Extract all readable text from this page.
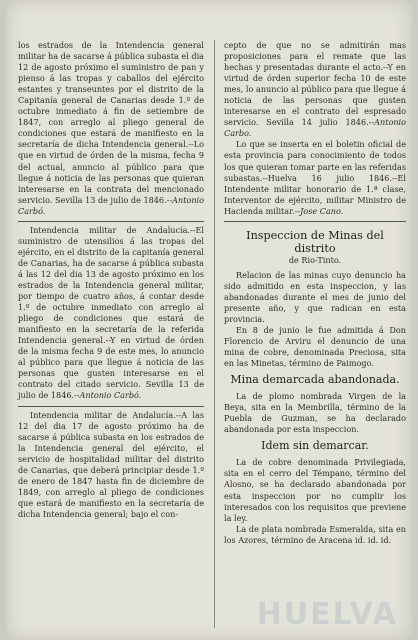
los estrados de la Intendencia general militar ha de sacarse á pública subasta el dia 12 de agosto próximo el suministro de pan y pienso á las tropas y caballos del ejército estantes y transeuntes por el distrito de la Capitanía general de Canarias desde 1.º de octubre inmediato á fin de setiembre de 1847, con arreglo al pliego general de condiciones que estará de manifiesto en la secretaría de dicha Intendencia general.--Lo que en virtud de órden de la misma, fecha 9 del actual, anuncio al público para que llegue á noticia de las personas que quieran interesarse en la contrata del mencionado servicio. Sevilla 13 de julio de 1846.--Antonio Carbó.

Intendencia militar de Andalucía.--El suministro de utensilios á las tropas del ejército, en el distrito de la capitanía general de Canarias, ha de sacarse á pública subasta á las 12 del dia 13 de agosto próximo en los estrados de la Intendencia general militar, por tiempo de cuatro años, á contar desde 1.º de octubre inmediato con arreglo al pliego de condiciones que estará de manifiesto en la secretaría de la referida Intendencia general.--Y en virtud de órden de la misma fecha 9 de este mes, lo anuncio al público para que llegue á noticia de las personas que gusten interesarse en el contrato del citado servicio. Sevilla 13 de julio de 1846.--Antonio Carbó.

Intendencia militar de Andalucía.--A las 12 del dia 17 de agosto próximo ha de sacarse á pública subasta en los estrados de la Intendencia general del ejército, el servicio de hospitalidad militar del distrito de Canarias, que deberá principiar desde 1.º de enero de 1847 hasta fin de diciembre de 1849, con arreglo al pliego de condiciones que estará de manifiesto en la secretaría de dicha Intendencia general; bajo el con-

cepto de que no se admitirán mas proposiciones para el remate que las hechas y presentadas durante el acto.--Y en virtud de órden superior fecha 10 de este mes, lo anuncio al público para que llegue á noticia de las personas que gusten interesarse en el contrato del espresado servicio. Sevilla 14 julio 1846.--Antonio Carbo.

Lo que se inserta en el boletin oficial de esta provincia para conocimiento de todos los que quieran tomar parte en las referidas subastas.--Huelva 16 julio 1846.--El Intendente militar honorario de 1.ª clase, Interventor de ejército, militar Ministro de Hacienda militar.--Jose Cano.

Inspeccion de Minas del distrito
de Rio-Tinto.

Relacion de las minas cuyo denuncio ha sido admitido en esta inspeccion, y las abandonadas durante el mes de junio del presente año, y que radican en esta provincia.

En 8 de junio le fue admitida á Don Florencio de Arviru el denuncio de una mina de cobre, denominada Preciosa, sita en las Minetas, término de Paimogo.

Mina demarcada abandonada.

La de plomo nombrada Virgen de la Beya, sita en la Membrilla, término de la Puebla de Guzman, se ha declarado abandonada por esta inspeccion.

Idem sin demarcar.

La de cobre denominada Privilegiada, sita en el cerro del Témpano, término del Alosno, se ha declarado abandonada por esta inspeccion por no cumplir los interesados con los requisitos que previene la ley.

La de plata nombrada Esmeralda, sita en los Azores, término de Aracena id. id. id.

HUELVA
